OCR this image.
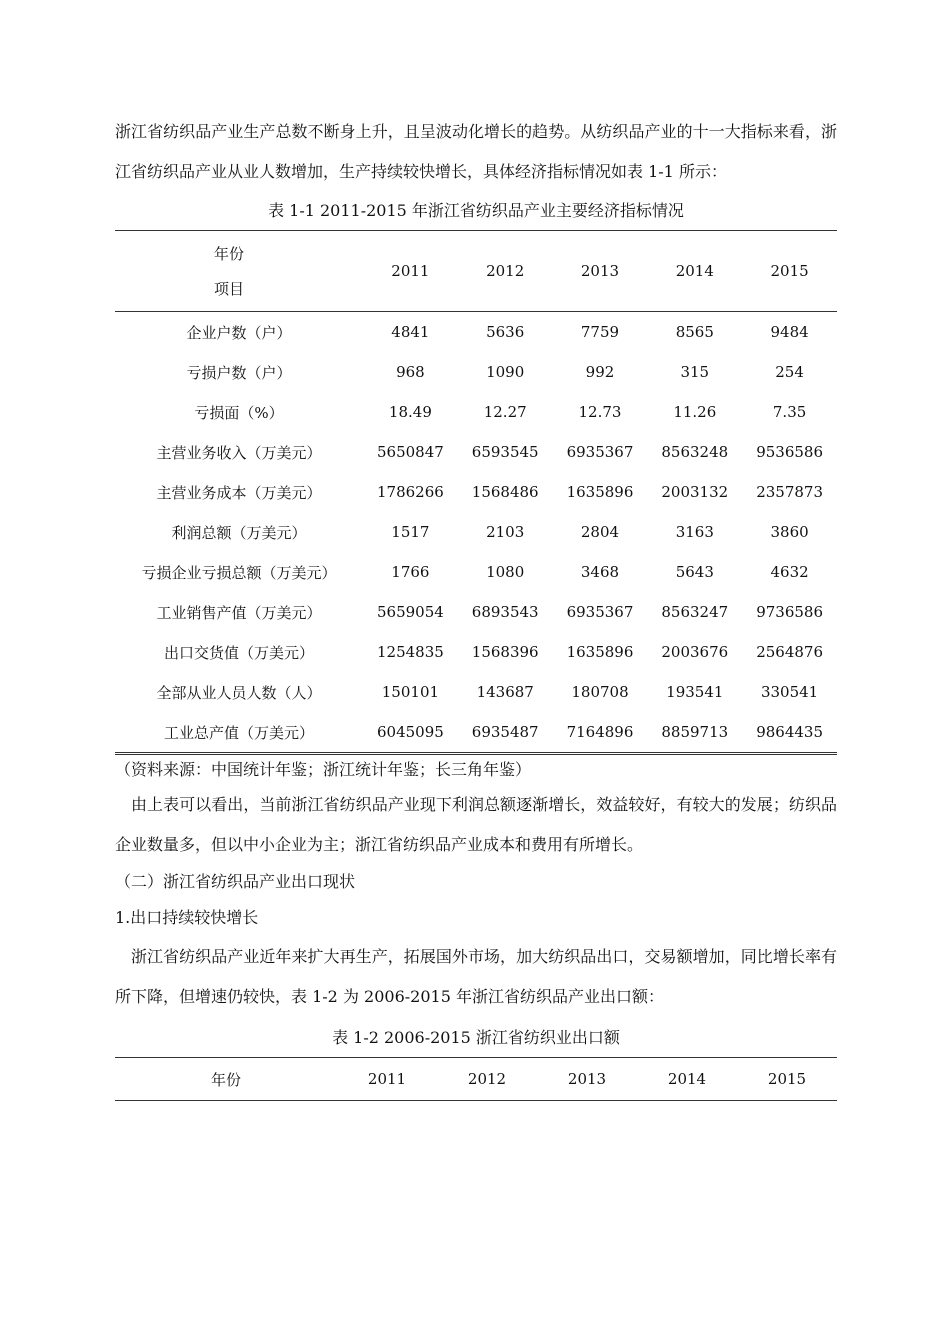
浙江省纺织品产业生产总数不断身上升，且呈波动化增长的趋势。从纺织品产业的十一大指标来看，浙江省纺织品产业从业人数增加，生产持续较快增长，具体经济指标情况如表 1-1 所示：

表 1-1 2011-2015 年浙江省纺织品产业主要经济指标情况
年份
项目	2011	2012	2013	2014	2015
企业户数（户）	4841	5636	7759	8565	9484
亏损户数（户）	968	1090	992	315	254
亏损面（%）	18.49	12.27	12.73	11.26	7.35
主营业务收入（万美元）	5650847	6593545	6935367	8563248	9536586
主营业务成本（万美元）	1786266	1568486	1635896	2003132	2357873
利润总额（万美元）	1517	2103	2804	3163	3860
亏损企业亏损总额（万美元）	1766	1080	3468	5643	4632
工业销售产值（万美元）	5659054	6893543	6935367	8563247	9736586
出口交货值（万美元）	1254835	1568396	1635896	2003676	2564876
全部从业人员人数（人）	150101	143687	180708	193541	330541
工业总产值（万美元）	6045095	6935487	7164896	8859713	9864435

（资料来源：中国统计年鉴；浙江统计年鉴；长三角年鉴）

由上表可以看出，当前浙江省纺织品产业现下利润总额逐渐增长，效益较好，有较大的发展；纺织品企业数量多，但以中小企业为主；浙江省纺织品产业成本和费用有所增长。

（二）浙江省纺织品产业出口现状

1.出口持续较快增长

浙江省纺织品产业近年来扩大再生产，拓展国外市场，加大纺织品出口，交易额增加，同比增长率有所下降，但增速仍较快，表 1-2 为 2006-2015 年浙江省纺织品产业出口额：

表 1-2 2006-2015 浙江省纺织业出口额
年份	2011	2012	2013	2014	2015
